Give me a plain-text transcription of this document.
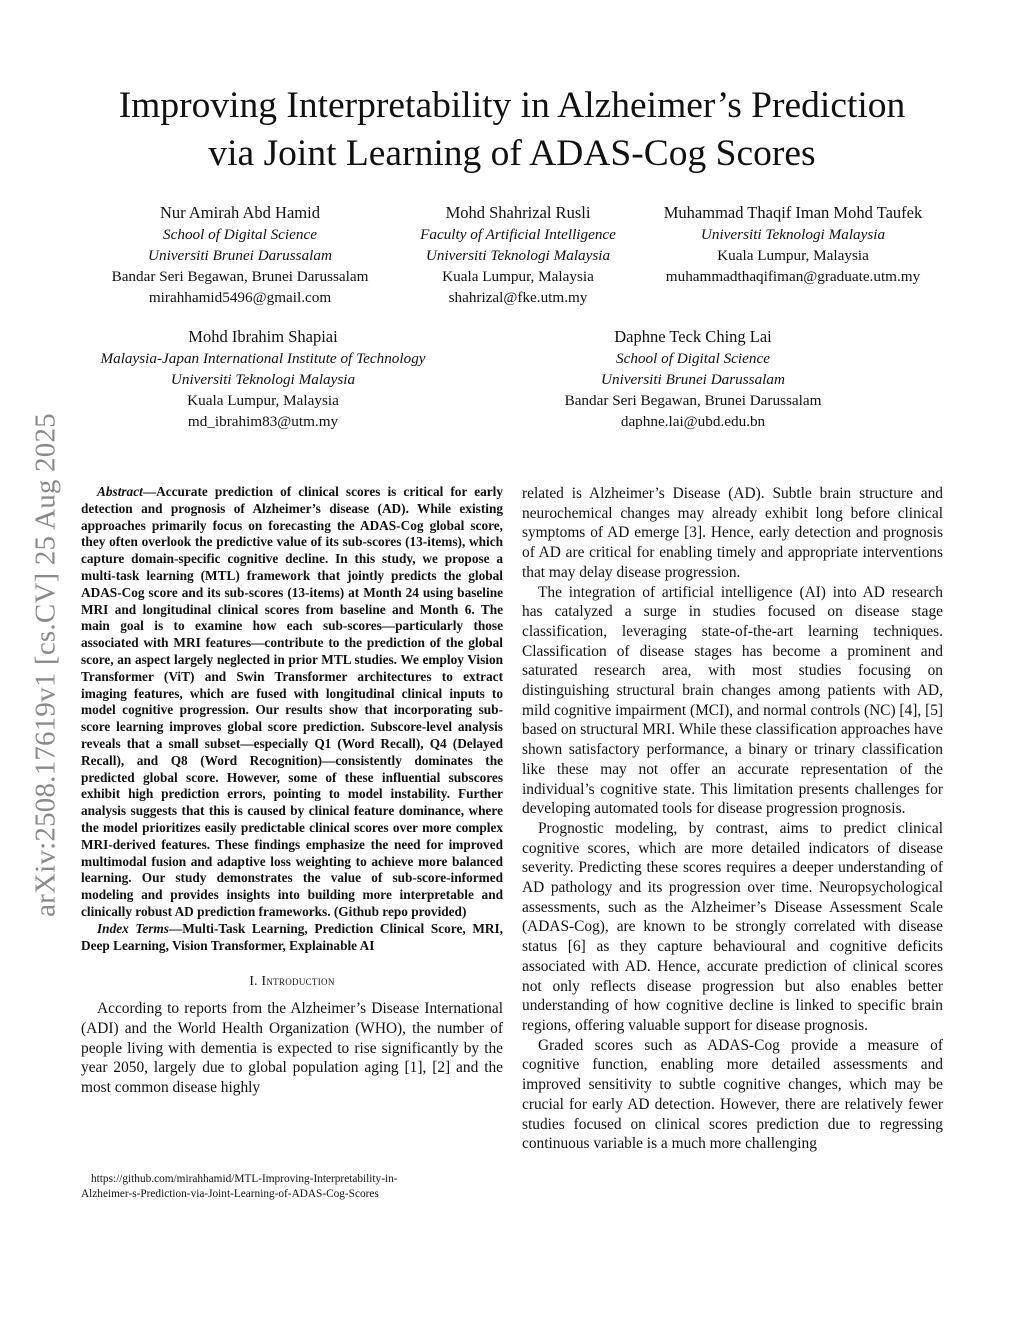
arXiv:2508.17619v1 [cs.CV] 25 Aug 2025
Improving Interpretability in Alzheimer’s Prediction
via Joint Learning of ADAS-Cog Scores
Nur Amirah Abd Hamid
School of Digital Science
Universiti Brunei Darussalam
Bandar Seri Begawan, Brunei Darussalam
mirahhamid5496@gmail.com
Mohd Shahrizal Rusli
Faculty of Artificial Intelligence
Universiti Teknologi Malaysia
Kuala Lumpur, Malaysia
shahrizal@fke.utm.my
Muhammad Thaqif Iman Mohd Taufek
Universiti Teknologi Malaysia
Kuala Lumpur, Malaysia
muhammadthaqifiman@graduate.utm.my
Mohd Ibrahim Shapiai
Malaysia-Japan International Institute of Technology
Universiti Teknologi Malaysia
Kuala Lumpur, Malaysia
md_ibrahim83@utm.my
Daphne Teck Ching Lai
School of Digital Science
Universiti Brunei Darussalam
Bandar Seri Begawan, Brunei Darussalam
daphne.lai@ubd.edu.bn

Abstract—Accurate prediction of clinical scores is critical for early detection and prognosis of Alzheimer’s disease (AD). While existing approaches primarily focus on forecasting the ADAS-Cog global score, they often overlook the predictive value of its sub-scores (13-items), which capture domain-specific cognitive decline. In this study, we propose a multi-task learning (MTL) framework that jointly predicts the global ADAS-Cog score and its sub-scores (13-items) at Month 24 using baseline MRI and longitudinal clinical scores from baseline and Month 6. The main goal is to examine how each sub-scores—particularly those associated with MRI features—contribute to the prediction of the global score, an aspect largely neglected in prior MTL studies. We employ Vision Transformer (ViT) and Swin Transformer architectures to extract imaging features, which are fused with longitudinal clinical inputs to model cognitive progression. Our results show that incorporating sub-score learning improves global score prediction. Subscore-level analysis reveals that a small subset—especially Q1 (Word Recall), Q4 (Delayed Recall), and Q8 (Word Recognition)—consistently dominates the predicted global score. However, some of these influential subscores exhibit high prediction errors, pointing to model instability. Further analysis suggests that this is caused by clinical feature dominance, where the model prioritizes easily predictable clinical scores over more complex MRI-derived features. These findings emphasize the need for improved multimodal fusion and adaptive loss weighting to achieve more balanced learning. Our study demonstrates the value of sub-score-informed modeling and provides insights into building more interpretable and clinically robust AD prediction frameworks. (Github repo provided)

Index Terms—Multi-Task Learning, Prediction Clinical Score, MRI, Deep Learning, Vision Transformer, Explainable AI

I. Introduction

According to reports from the Alzheimer’s Disease International (ADI) and the World Health Organization (WHO), the number of people living with dementia is expected to rise significantly by the year 2050, largely due to global population aging [1], [2] and the most common disease highly

https://github.com/mirahhamid/MTL-Improving-Interpretability-in-
Alzheimer-s-Prediction-via-Joint-Learning-of-ADAS-Cog-Scores

related is Alzheimer’s Disease (AD). Subtle brain structure and neurochemical changes may already exhibit long before clinical symptoms of AD emerge [3]. Hence, early detection and prognosis of AD are critical for enabling timely and appropriate interventions that may delay disease progression.

The integration of artificial intelligence (AI) into AD research has catalyzed a surge in studies focused on disease stage classification, leveraging state-of-the-art learning techniques. Classification of disease stages has become a prominent and saturated research area, with most studies focusing on distinguishing structural brain changes among patients with AD, mild cognitive impairment (MCI), and normal controls (NC) [4], [5] based on structural MRI. While these classification approaches have shown satisfactory performance, a binary or trinary classification like these may not offer an accurate representation of the individual’s cognitive state. This limitation presents challenges for developing automated tools for disease progression prognosis.

Prognostic modeling, by contrast, aims to predict clinical cognitive scores, which are more detailed indicators of disease severity. Predicting these scores requires a deeper understanding of AD pathology and its progression over time. Neuropsychological assessments, such as the Alzheimer’s Disease Assessment Scale (ADAS-Cog), are known to be strongly correlated with disease status [6] as they capture behavioural and cognitive deficits associated with AD. Hence, accurate prediction of clinical scores not only reflects disease progression but also enables better understanding of how cognitive decline is linked to specific brain regions, offering valuable support for disease prognosis.

Graded scores such as ADAS-Cog provide a measure of cognitive function, enabling more detailed assessments and improved sensitivity to subtle cognitive changes, which may be crucial for early AD detection. However, there are relatively fewer studies focused on clinical scores prediction due to regressing continuous variable is a much more challenging
